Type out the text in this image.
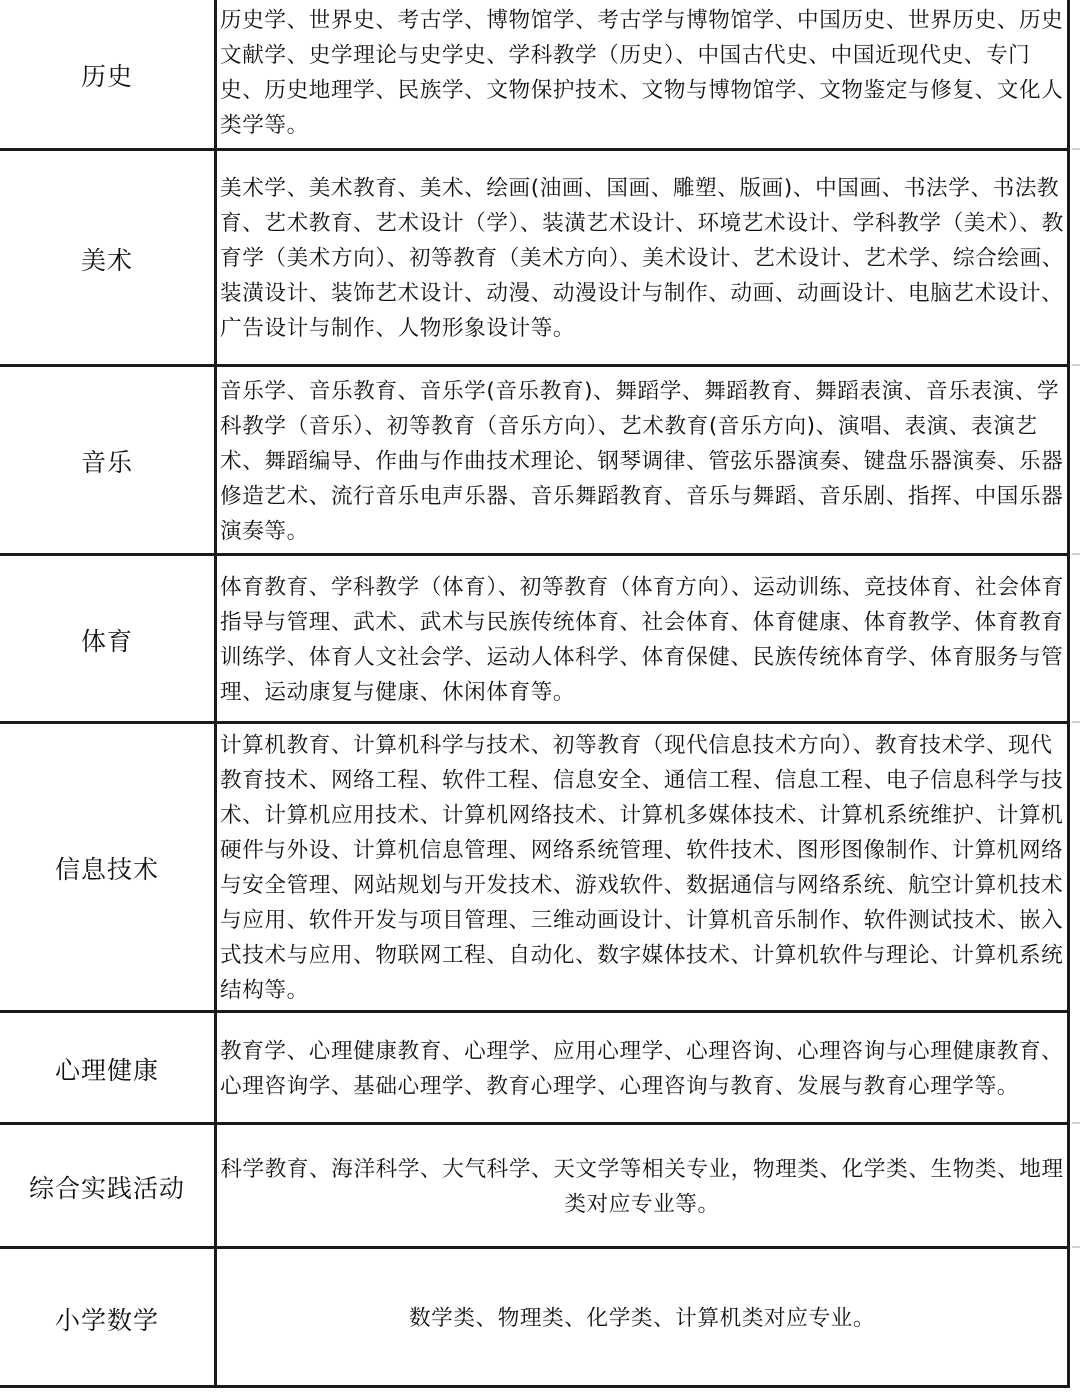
历史
历史学、世界史、考古学、博物馆学、考古学与博物馆学、中国历史、世界历史、历史文献学、史学理论与史学史、学科教学（历史）、中国古代史、中国近现代史、专门史、历史地理学、民族学、文物保护技术、文物与博物馆学、文物鉴定与修复、文化人类学等。
美术
美术学、美术教育、美术、绘画(油画、国画、雕塑、版画)、中国画、书法学、书法教育、艺术教育、艺术设计（学）、装潢艺术设计、环境艺术设计、学科教学（美术）、教育学（美术方向）、初等教育（美术方向）、美术设计、艺术设计、艺术学、综合绘画、装潢设计、装饰艺术设计、动漫、动漫设计与制作、动画、动画设计、电脑艺术设计、广告设计与制作、人物形象设计等。
音乐
音乐学、音乐教育、音乐学(音乐教育)、舞蹈学、舞蹈教育、舞蹈表演、音乐表演、学科教学（音乐）、初等教育（音乐方向）、艺术教育(音乐方向)、演唱、表演、表演艺术、舞蹈编导、作曲与作曲技术理论、钢琴调律、管弦乐器演奏、键盘乐器演奏、乐器修造艺术、流行音乐电声乐器、音乐舞蹈教育、音乐与舞蹈、音乐剧、指挥、中国乐器演奏等。
体育
体育教育、学科教学（体育）、初等教育（体育方向）、运动训练、竞技体育、社会体育指导与管理、武术、武术与民族传统体育、社会体育、体育健康、体育教学、体育教育训练学、体育人文社会学、运动人体科学、体育保健、民族传统体育学、体育服务与管理、运动康复与健康、休闲体育等。
信息技术
计算机教育、计算机科学与技术、初等教育（现代信息技术方向）、教育技术学、现代教育技术、网络工程、软件工程、信息安全、通信工程、信息工程、电子信息科学与技术、计算机应用技术、计算机网络技术、计算机多媒体技术、计算机系统维护、计算机硬件与外设、计算机信息管理、网络系统管理、软件技术、图形图像制作、计算机网络与安全管理、网站规划与开发技术、游戏软件、数据通信与网络系统、航空计算机技术与应用、软件开发与项目管理、三维动画设计、计算机音乐制作、软件测试技术、嵌入式技术与应用、物联网工程、自动化、数字媒体技术、计算机软件与理论、计算机系统结构等。
心理健康
教育学、心理健康教育、心理学、应用心理学、心理咨询、心理咨询与心理健康教育、心理咨询学、基础心理学、教育心理学、心理咨询与教育、发展与教育心理学等。
综合实践活动
科学教育、海洋科学、大气科学、天文学等相关专业，物理类、化学类、生物类、地理类对应专业等。
小学数学	数学类、物理类、化学类、计算机类对应专业。
